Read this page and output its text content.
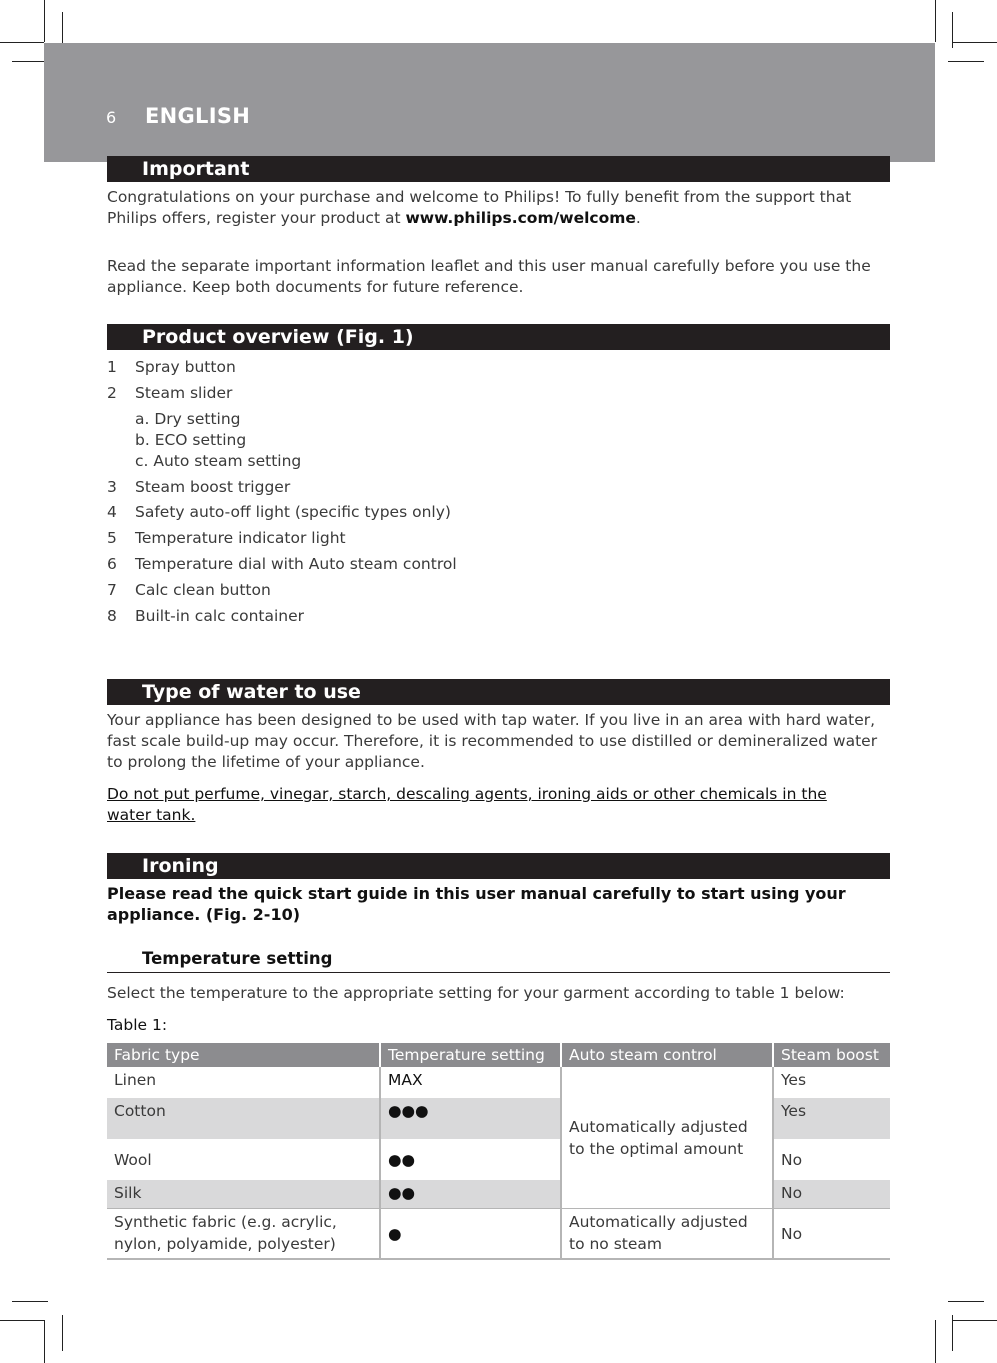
6 ENGLISH
Important
Congratulations on your purchase and welcome to Philips! To fully benefit from the support that Philips offers, register your product at www.philips.com/welcome.
Read the separate important information leaflet and this user manual carefully before you use the appliance. Keep both documents for future reference.
Product overview (Fig. 1)
1 Spray button
2 Steam slider
a. Dry setting
b. ECO setting
c. Auto steam setting
3 Steam boost trigger
4 Safety auto-off light (specific types only)
5 Temperature indicator light
6 Temperature dial with Auto steam control
7 Calc clean button
8 Built-in calc container
Type of water to use
Your appliance has been designed to be used with tap water. If you live in an area with hard water, fast scale build-up may occur. Therefore, it is recommended to use distilled or demineralized water to prolong the lifetime of your appliance.
Do not put perfume, vinegar, starch, descaling agents, ironing aids or other chemicals in the water tank.
Ironing
Please read the quick start guide in this user manual carefully to start using your appliance. (Fig. 2-10)
Temperature setting
Select the temperature to the appropriate setting for your garment according to table 1 below:
Table 1:
Fabric type	Temperature setting	Auto steam control	Steam boost
Linen	MAX	Automatically adjusted to the optimal amount	Yes
Cotton	●●●		Yes
Wool	●●		No
Silk	●●		No
Synthetic fabric (e.g. acrylic, nylon, polyamide, polyester)	●	Automatically adjusted to no steam	No
